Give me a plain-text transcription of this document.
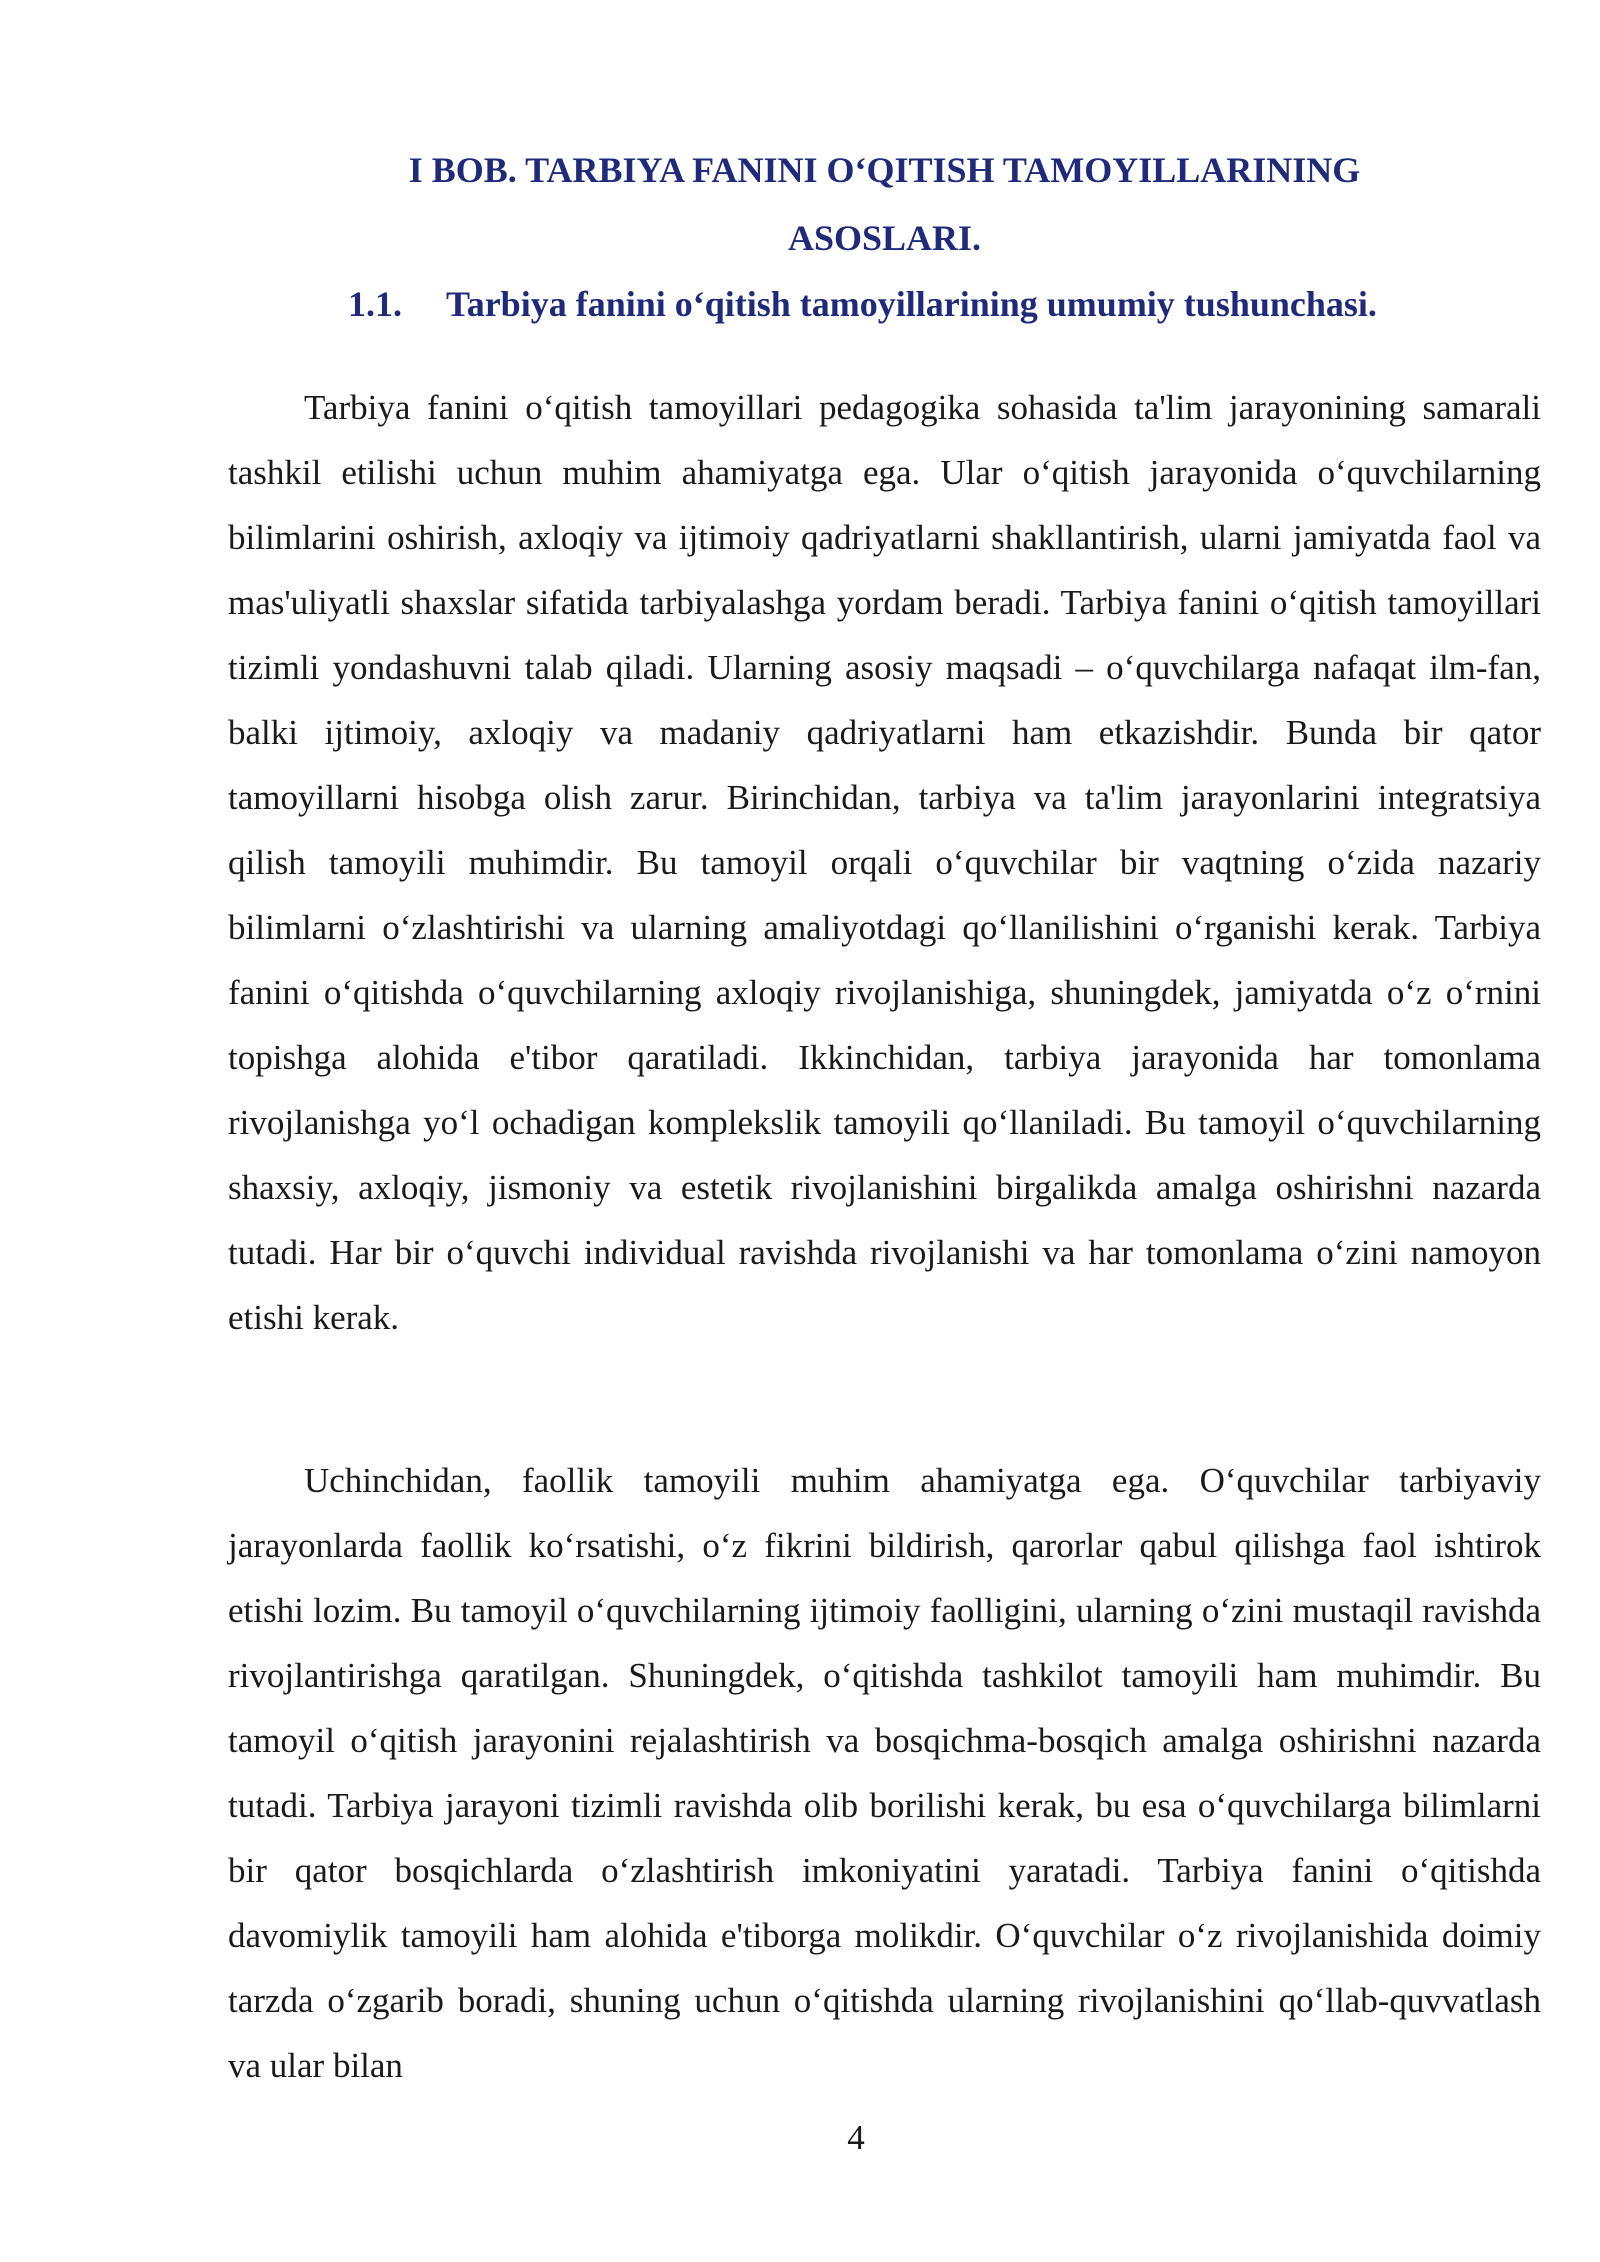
I BOB. TARBIYA FANINI O‘QITISH TAMOYILLARINING
ASOSLARI.
1.1. Tarbiya fanini o‘qitish tamoyillarining umumiy tushunchasi.

Tarbiya fanini o‘qitish tamoyillari pedagogika sohasida ta'lim jarayonining samarali tashkil etilishi uchun muhim ahamiyatga ega. Ular o‘qitish jarayonida o‘quvchilarning bilimlarini oshirish, axloqiy va ijtimoiy qadriyatlarni shakllantirish, ularni jamiyatda faol va mas'uliyatli shaxslar sifatida tarbiyalashga yordam beradi. Tarbiya fanini o‘qitish tamoyillari tizimli yondashuvni talab qiladi. Ularning asosiy maqsadi – o‘quvchilarga nafaqat ilm-fan, balki ijtimoiy, axloqiy va madaniy qadriyatlarni ham etkazishdir. Bunda bir qator tamoyillarni hisobga olish zarur. Birinchidan, tarbiya va ta'lim jarayonlarini integratsiya qilish tamoyili muhimdir. Bu tamoyil orqali o‘quvchilar bir vaqtning o‘zida nazariy bilimlarni o‘zlashtirishi va ularning amaliyotdagi qo‘llanilishini o‘rganishi kerak. Tarbiya fanini o‘qitishda o‘quvchilarning axloqiy rivojlanishiga, shuningdek, jamiyatda o‘z o‘rnini topishga alohida e'tibor qaratiladi. Ikkinchidan, tarbiya jarayonida har tomonlama rivojlanishga yo‘l ochadigan komplekslik tamoyili qo‘llaniladi. Bu tamoyil o‘quvchilarning shaxsiy, axloqiy, jismoniy va estetik rivojlanishini birgalikda amalga oshirishni nazarda tutadi. Har bir o‘quvchi individual ravishda rivojlanishi va har tomonlama o‘zini namoyon etishi kerak.

Uchinchidan, faollik tamoyili muhim ahamiyatga ega. O‘quvchilar tarbiyaviy jarayonlarda faollik ko‘rsatishi, o‘z fikrini bildirish, qarorlar qabul qilishga faol ishtirok etishi lozim. Bu tamoyil o‘quvchilarning ijtimoiy faolligini, ularning o‘zini mustaqil ravishda rivojlantirishga qaratilgan. Shuningdek, o‘qitishda tashkilot tamoyili ham muhimdir. Bu tamoyil o‘qitish jarayonini rejalashtirish va bosqichma-bosqich amalga oshirishni nazarda tutadi. Tarbiya jarayoni tizimli ravishda olib borilishi kerak, bu esa o‘quvchilarga bilimlarni bir qator bosqichlarda o‘zlashtirish imkoniyatini yaratadi. Tarbiya fanini o‘qitishda davomiylik tamoyili ham alohida e'tiborga molikdir. O‘quvchilar o‘z rivojlanishida doimiy tarzda o‘zgarib boradi, shuning uchun o‘qitishda ularning rivojlanishini qo‘llab-quvvatlash va ular bilan

4
